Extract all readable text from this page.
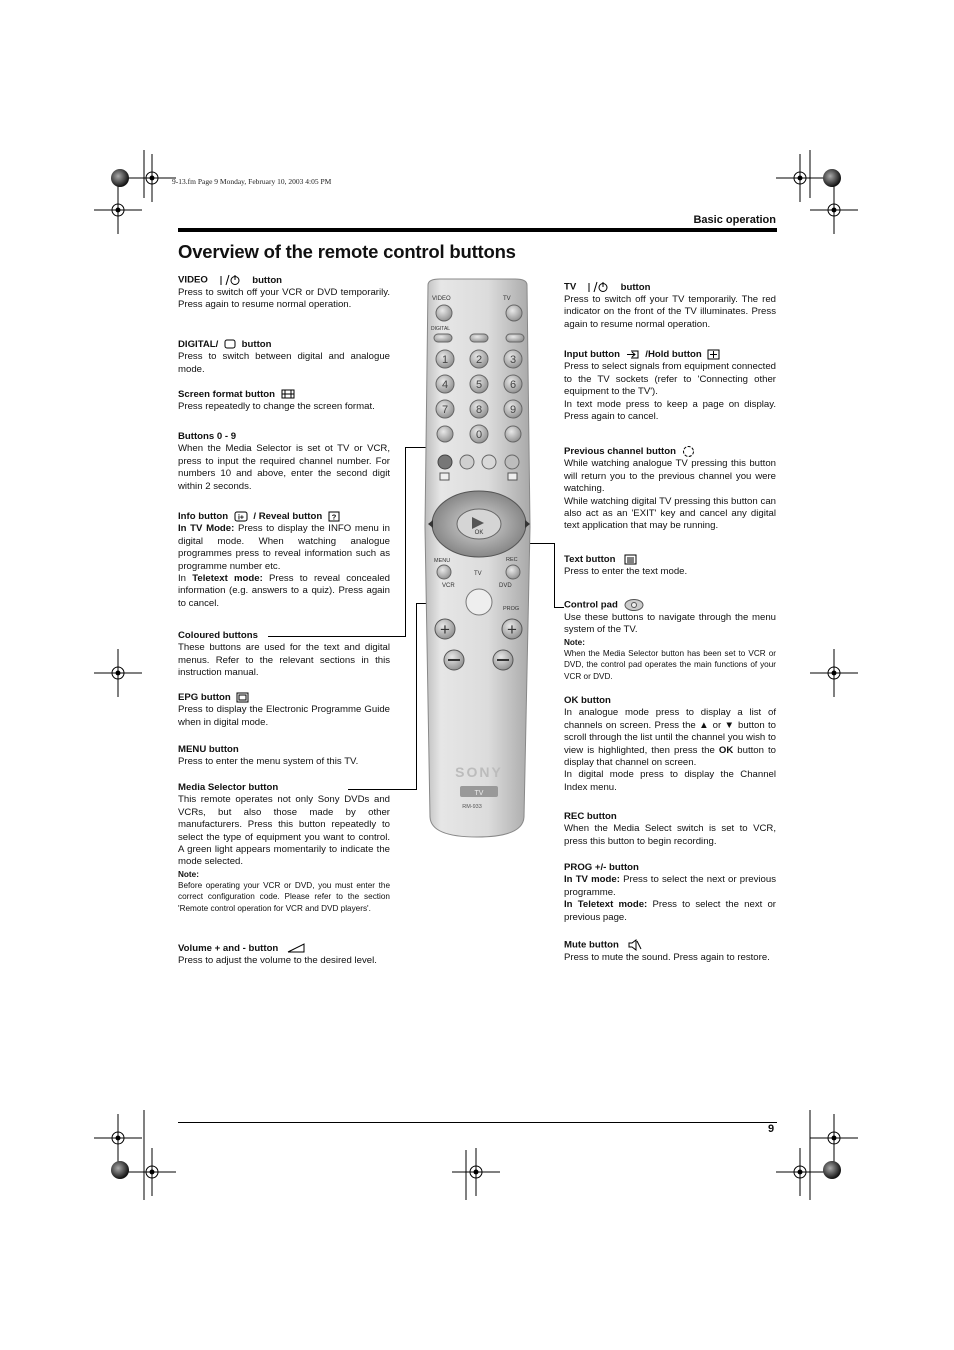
9-13.fm Page 9 Monday, February 10, 2003 4:05 PM
Basic operation
Overview of the remote control buttons
VIDEO	button
Press to switch off your VCR or DVD temporarily. Press again to resume normal operation.
DIGITAL/ button
Press to switch between digital and analogue mode.
Screen format button
Press repeatedly to change the screen format.
Buttons 0 - 9
When the Media Selector is set ot TV or VCR, press to input the required channel number. For numbers 10 and above, enter the second digit within 2 seconds.
Info button i+ / Reveal button ?
In TV Mode: Press to display the INFO menu in digital mode. When watching analogue programmes press to reveal information such as programme number etc.
In Teletext mode: Press to reveal concealed information (e.g. answers to a quiz). Press again to cancel.
Coloured buttons
These buttons are used for the text and digital menus. Refer to the relevant sections in this instruction manual.
EPG button
Press to display the Electronic Programme Guide when in digital mode.
MENU button
Press to enter the menu system of this TV.
Media Selector button
This remote operates not only Sony DVDs and VCRs, but also those made by other manufacturers. Press this button repeatedly to select the type of equipment you want to control. A green light appears momentarily to indicate the mode selected.
Note:
Before operating your VCR or DVD, you must enter the correct configuration code. Please refer to the section 'Remote control operation for VCR and DVD players'.
Volume + and - button
Press to adjust the volume to the desired level.
TV	button
Press to switch off your TV temporarily. The red indicator on the front of the TV illuminates. Press again to resume normal operation.
Input button	/Hold button
Press to select signals from equipment connected to the TV sockets (refer to 'Connecting other equipment to the TV').
In text mode press to keep a page on display. Press again to cancel.
Previous channel button
While watching analogue TV pressing this button will return you to the previous channel you were watching.
While watching digital TV pressing this button can also act as an 'EXIT' key and cancel any digital text application that may be running.
Text button
Press to enter the text mode.
Control pad
Use these buttons to navigate through the menu system of the TV.
Note:
When the Media Selector button has been set to VCR or DVD, the control pad operates the main functions of your VCR or DVD.
OK button
In analogue mode press to display a list of channels on screen. Press the ▲ or ▼ button to scroll through the list until the channel you wish to view is highlighted, then press the OK button to display that channel on screen.
In digital mode press to display the Channel Index menu.
REC button
When the Media Select switch is set to VCR, press this button to begin recording.
PROG +/- button
In TV mode: Press to select the next or previous programme.
In Teletext mode: Press to select the next or previous page.
Mute button
Press to mute the sound. Press again to restore.
VIDEO	TV
DIGITAL
1	2	3
4	5	6
7	8	9
0
OK
MENU	REC
TV
VCR	DVD
PROG
+	+
SONY
TV
RM-933
9
